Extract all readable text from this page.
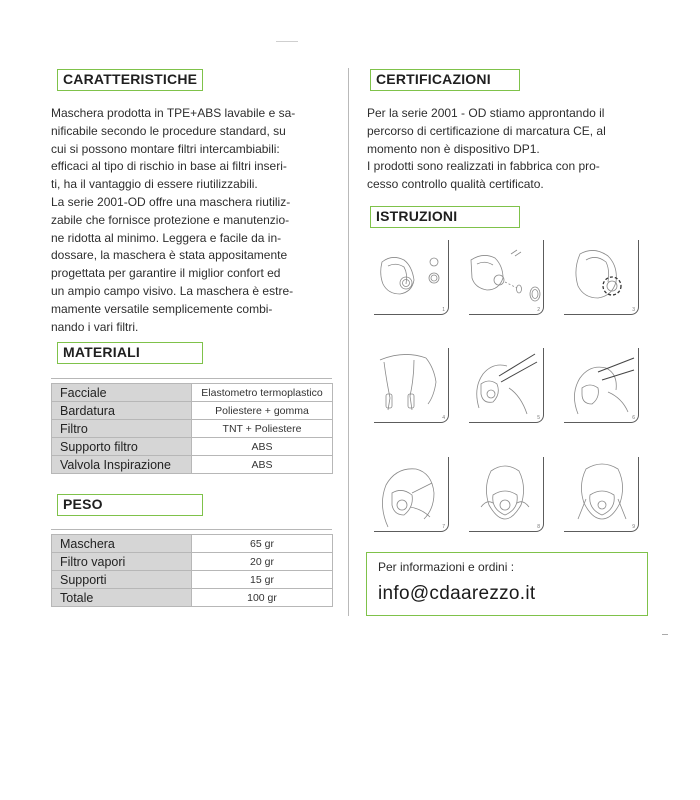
CARATTERISTICHE

Maschera prodotta in TPE+ABS lavabile e sa-

nificabile secondo le procedure standard, su

cui si possono montare filtri intercambiabili:

efficaci al tipo di rischio in base ai filtri inseri-

ti, ha il vantaggio di essere riutilizzabili.

La serie 2001-OD offre una maschera riutiliz-

zabile che fornisce protezione e manutenzio-

ne ridotta al minimo. Leggera e facile da in-

dossare, la maschera è stata appositamente

progettata per garantire il miglior confort ed

un ampio campo visivo. La maschera è estre-

mamente versatile semplicemente combi-

nando i vari filtri.

MATERIALI
Facciale	Elastometro termoplastico
Bardatura	Poliestere + gomma
Filtro	TNT + Poliestere
Supporto filtro	ABS
Valvola Inspirazione	ABS
PESO
Maschera	65 gr
Filtro vapori	20 gr
Supporti	15 gr
Totale	100 gr
CERTIFICAZIONI

Per la serie 2001 - OD stiamo approntando il

percorso di certificazione di marcatura CE, al

momento non è dispositivo DP1.

I prodotti sono realizzati in fabbrica con pro-

cesso controllo qualità certificato.

ISTRUZIONI
1	2	3
4	5	6
7	8	9
Per informazioni e ordini :
info@cdaarezzo.it
